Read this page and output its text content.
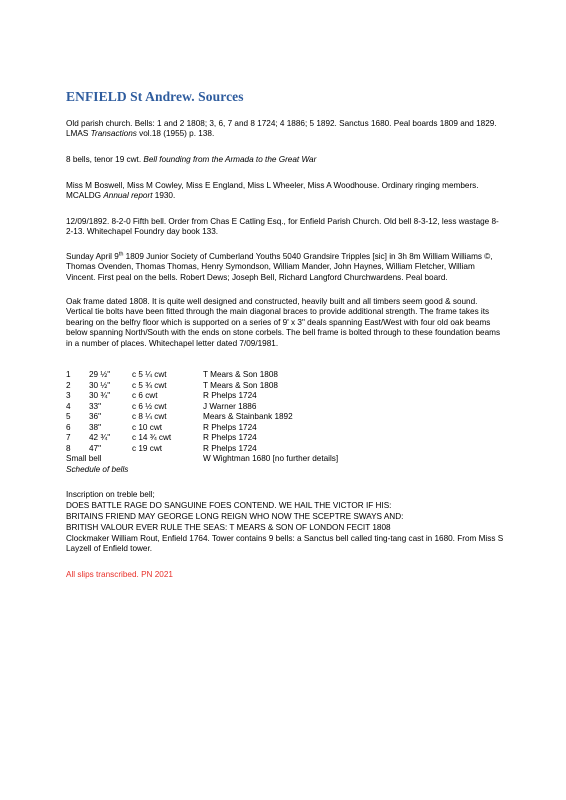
ENFIELD St Andrew. Sources

Old parish church. Bells: 1 and 2 1808; 3, 6, 7 and 8 1724; 4 1886; 5 1892. Sanctus 1680. Peal boards 1809 and 1829. LMAS Transactions vol.18 (1955) p. 138.

8 bells, tenor 19 cwt. Bell founding from the Armada to the Great War

Miss M Boswell, Miss M Cowley, Miss E England, Miss L Wheeler, Miss A Woodhouse. Ordinary ringing members. MCALDG Annual report 1930.

12/09/1892. 8-2-0 Fifth bell. Order from Chas E Catling Esq., for Enfield Parish Church. Old bell 8-3-12, less wastage 8-2-13. Whitechapel Foundry day book 133.

Sunday April 9th 1809 Junior Society of Cumberland Youths 5040 Grandsire Tripples [sic] in 3h 8m William Williams ©, Thomas Ovenden, Thomas Thomas, Henry Symondson, William Mander, John Haynes, William Fletcher, William Vincent. First peal on the bells. Robert Dews; Joseph Bell, Richard Langford Churchwardens. Peal board.

Oak frame dated 1808. It is quite well designed and constructed, heavily built and all timbers seem good & sound. Vertical tie bolts have been fitted through the main diagonal braces to provide additional strength. The frame takes its bearing on the belfry floor which is supported on a series of 9' x 3" deals spanning East/West with four old oak beams below spanning North/South with the ends on stone corbels. The bell frame is bolted through to these foundation beams in a number of places. Whitechapel letter dated 7/09/1981.

1 29 ½"	c 5 ¼ cwt	T Mears & Son 1808
2 30 ½"	c 5 ¾ cwt	T Mears & Son 1808
3 30 ¾"	c 6 cwt	R Phelps 1724
4 33"	c 6 ½ cwt	J Warner 1886
5 36"	c 8 ¼ cwt	Mears & Stainbank 1892
6 38"	c 10 cwt	R Phelps 1724
7 42 ¾"	c 14 ¾ cwt	R Phelps 1724
8 47"	c 19 cwt	R Phelps 1724
Small bell	W Wightman 1680 [no further details]
Schedule of bells

Inscription on treble bell;

DOES BATTLE RAGE DO SANGUINE FOES CONTEND. WE HAIL THE VICTOR IF HIS:

BRITAINS FRIEND MAY GEORGE LONG REIGN WHO NOW THE SCEPTRE SWAYS AND:

BRITISH VALOUR EVER RULE THE SEAS: T MEARS & SON OF LONDON FECIT 1808

Clockmaker William Rout, Enfield 1764. Tower contains 9 bells: a Sanctus bell called ting-tang cast in 1680. From Miss S Layzell of Enfield tower.

All slips transcribed. PN 2021
